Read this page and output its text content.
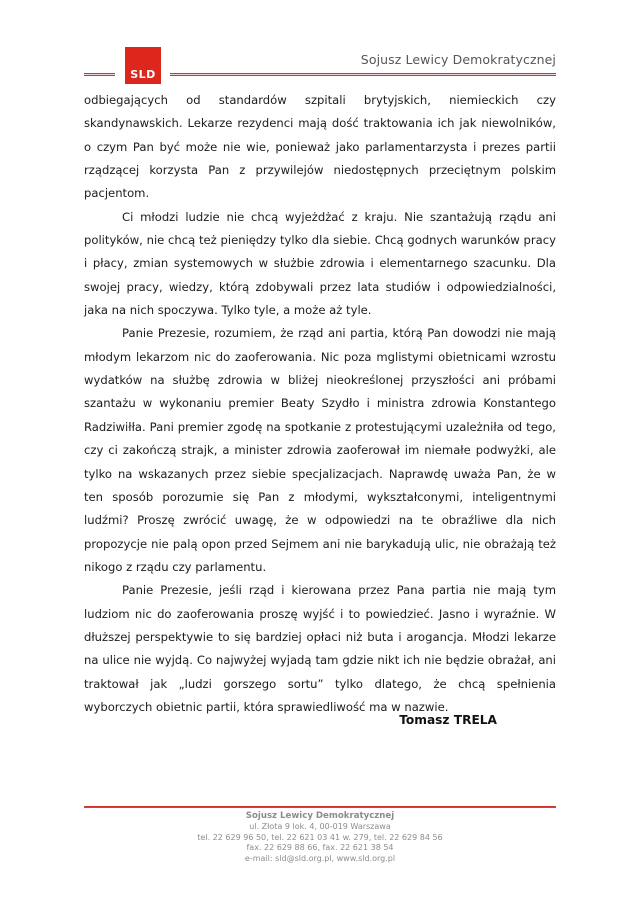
SLD
Sojusz Lewicy Demokratycznej

odbiegających od standardów szpitali brytyjskich, niemieckich czy skandynawskich. Lekarze rezydenci mają dość traktowania ich jak niewolników, o czym Pan być może nie wie, ponieważ jako parlamentarzysta i prezes partii rządzącej korzysta Pan z przywilejów niedostępnych przeciętnym polskim pacjentom.

Ci młodzi ludzie nie chcą wyjeżdżać z kraju. Nie szantażują rządu ani polityków, nie chcą też pieniędzy tylko dla siebie. Chcą godnych warunków pracy i płacy, zmian systemowych w służbie zdrowia i elementarnego szacunku. Dla swojej pracy, wiedzy, którą zdobywali przez lata studiów i odpowiedzialności, jaka na nich spoczywa. Tylko tyle, a może aż tyle.

Panie Prezesie, rozumiem, że rząd ani partia, którą Pan dowodzi nie mają młodym lekarzom nic do zaoferowania. Nic poza mglistymi obietnicami wzrostu wydatków na służbę zdrowia w bliżej nieokreślonej przyszłości ani próbami szantażu w wykonaniu premier Beaty Szydło i ministra zdrowia Konstantego Radziwiłła. Pani premier zgodę na spotkanie z protestującymi uzależniła od tego, czy ci zakończą strajk, a minister zdrowia zaoferował im niemałe podwyżki, ale tylko na wskazanych przez siebie specjalizacjach. Naprawdę uważa Pan, że w ten sposób porozumie się Pan z młodymi, wykształconymi, inteligentnymi ludźmi? Proszę zwrócić uwagę, że w odpowiedzi na te obraźliwe dla nich propozycje nie palą opon przed Sejmem ani nie barykadują ulic, nie obrażają też nikogo z rządu czy parlamentu.

Panie Prezesie, jeśli rząd i kierowana przez Pana partia nie mają tym ludziom nic do zaoferowania proszę wyjść i to powiedzieć. Jasno i wyraźnie. W dłuższej perspektywie to się bardziej opłaci niż buta i arogancja. Młodzi lekarze na ulice nie wyjdą. Co najwyżej wyjadą tam gdzie nikt ich nie będzie obrażał, ani traktował jak „ludzi gorszego sortu” tylko dlatego, że chcą spełnienia wyborczych obietnic partii, która sprawiedliwość ma w nazwie.

Tomasz TRELA
Sojusz Lewicy Demokratycznej
ul. Złota 9 lok. 4, 00-019 Warszawa
tel. 22 629 96 50, tel. 22 621 03 41 w. 279, tel. 22 629 84 56
fax. 22 629 88 66, fax. 22 621 38 54
e-mail: sld@sld.org.pl, www.sld.org.pl
